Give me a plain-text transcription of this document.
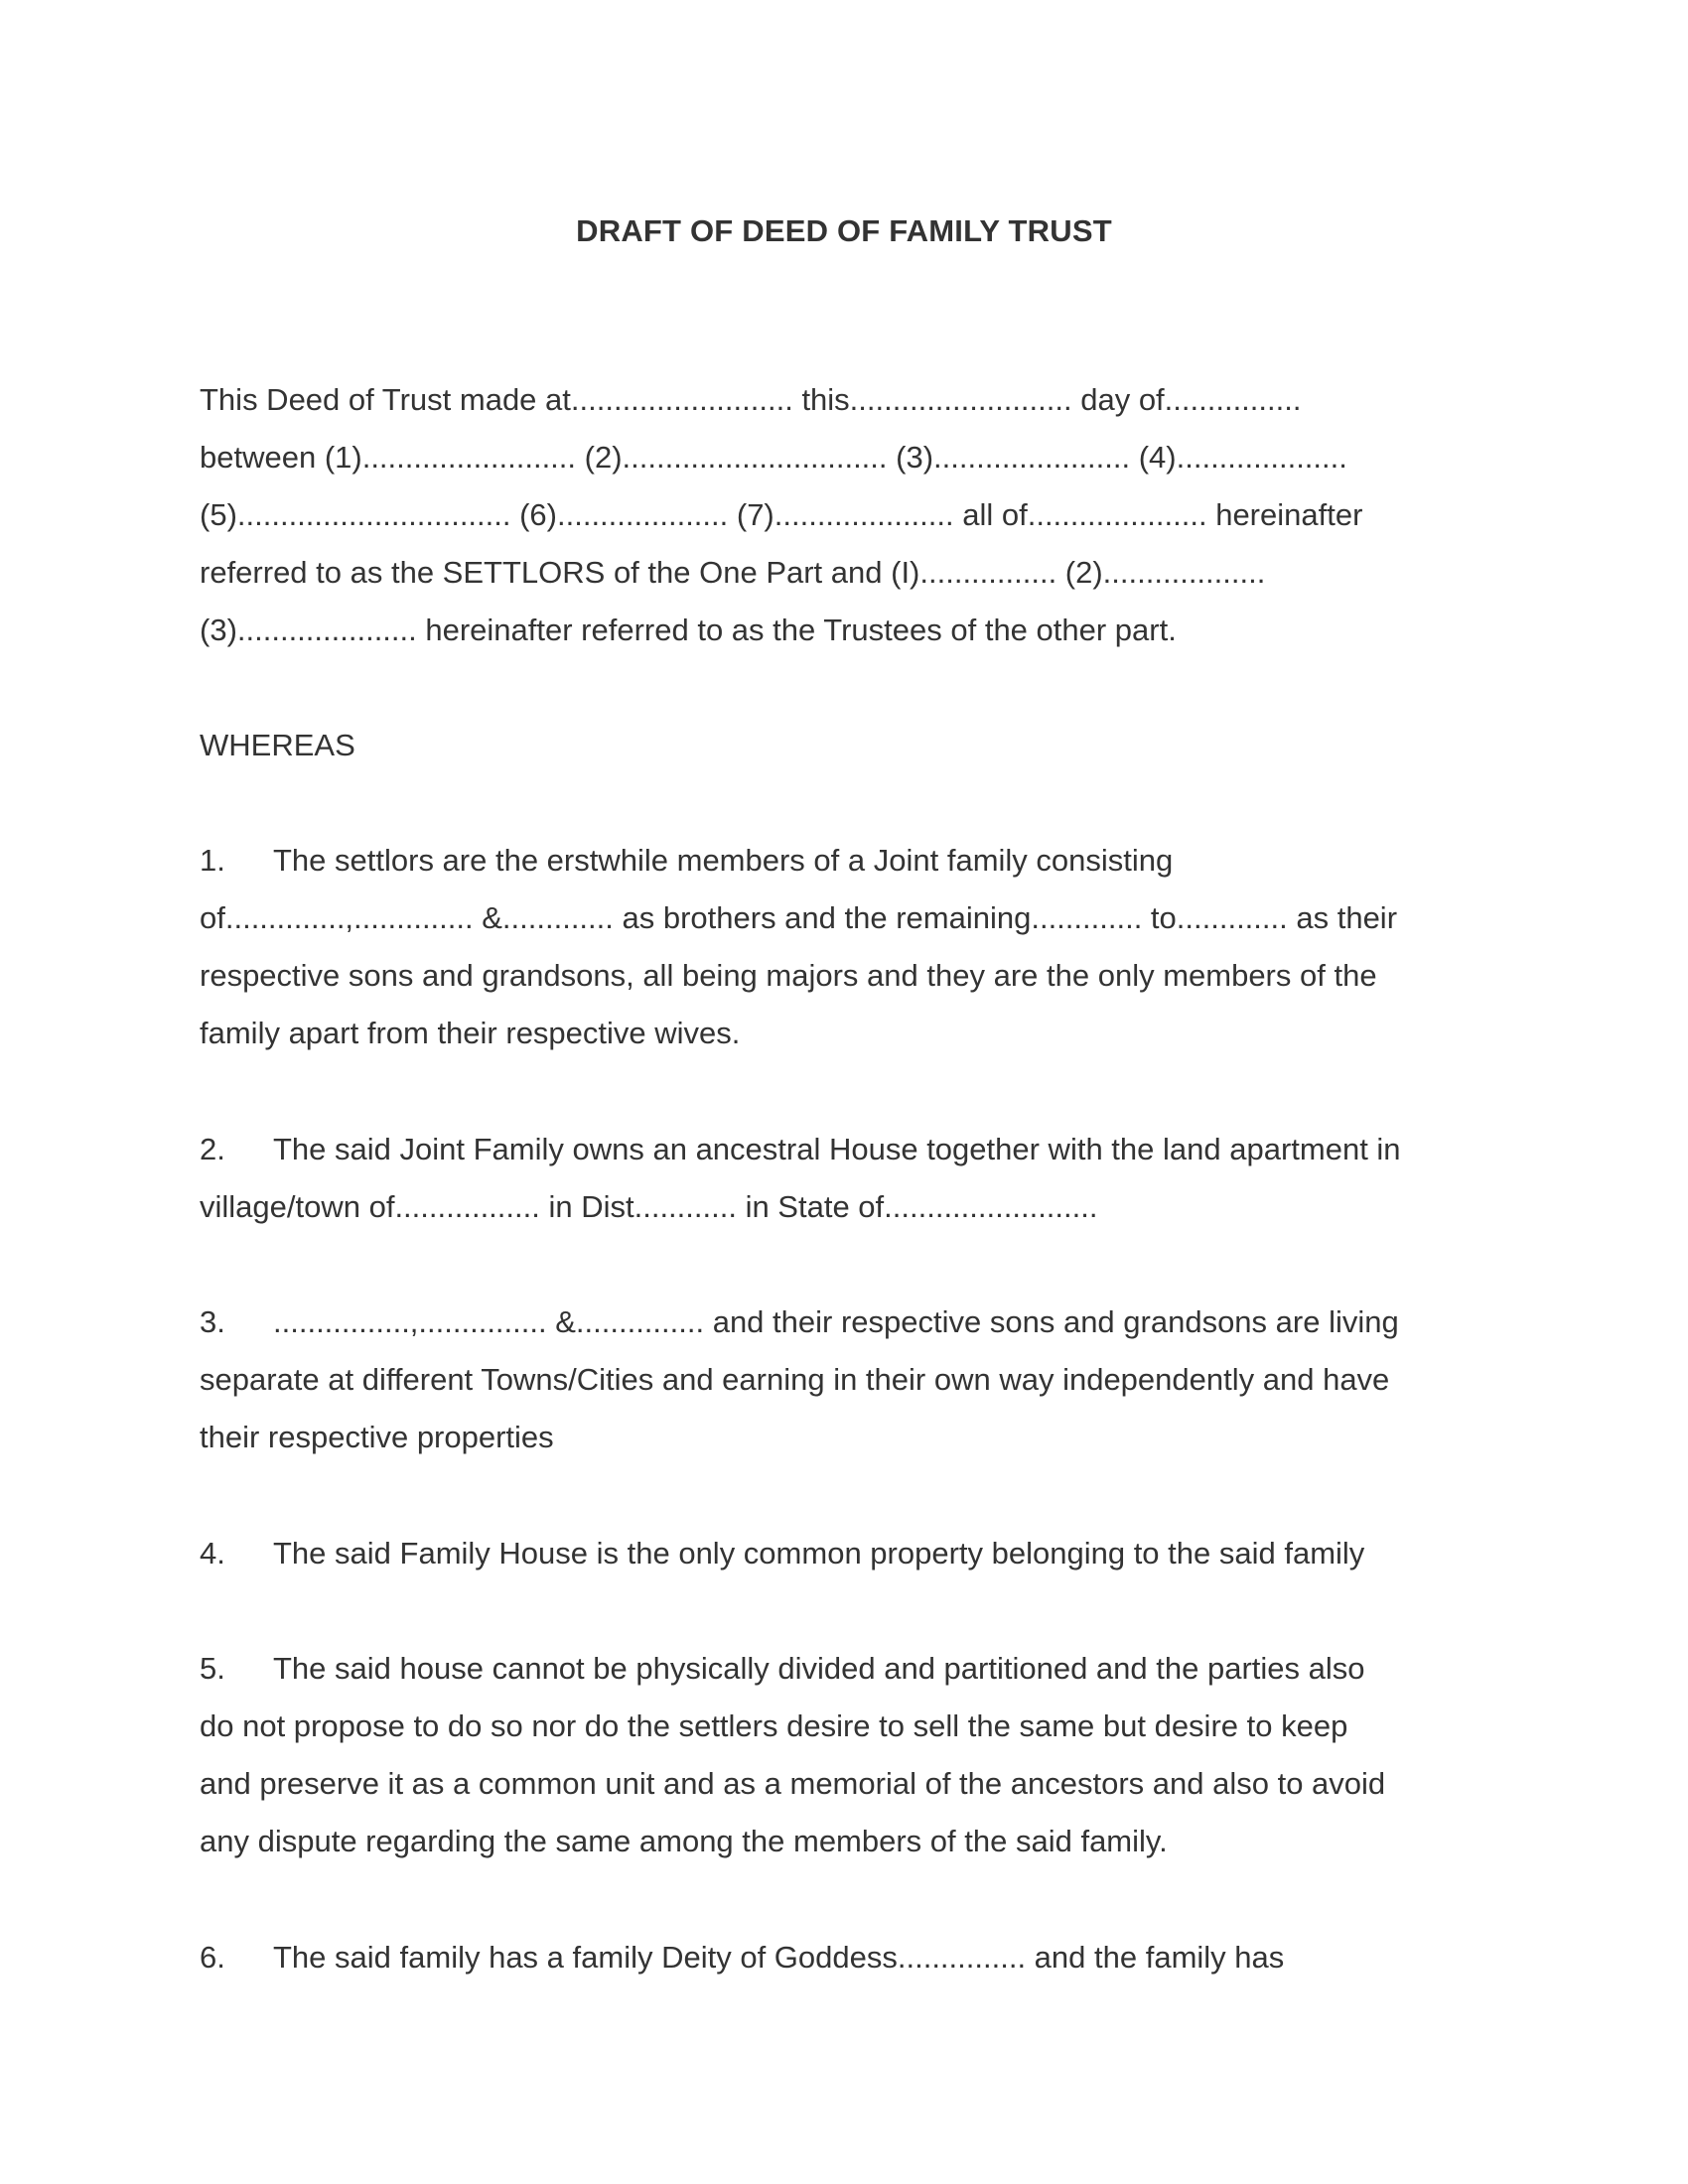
DRAFT OF DEED OF FAMILY TRUST
This Deed of Trust made at.......................... this.......................... day of................
between (1)......................... (2)............................... (3)....................... (4)....................
(5)................................ (6).................... (7)..................... all of..................... hereinafter
referred to as the SETTLORS of the One Part and (I)................ (2)...................
(3)..................... hereinafter referred to as the Trustees of the other part.
WHEREAS
1. The settlors are the erstwhile members of a Joint family consisting
of..............,.............. &............. as brothers and the remaining............. to............. as their
respective sons and grandsons, all being majors and they are the only members of the
family apart from their respective wives.
2. The said Joint Family owns an ancestral House together with the land apartment in
village/town of................. in Dist............ in State of.........................
3. ................,............... &............... and their respective sons and grandsons are living
separate at different Towns/Cities and earning in their own way independently and have
their respective properties
4. The said Family House is the only common property belonging to the said family
5. The said house cannot be physically divided and partitioned and the parties also
do not propose to do so nor do the settlers desire to sell the same but desire to keep
and preserve it as a common unit and as a memorial of the ancestors and also to avoid
any dispute regarding the same among the members of the said family.
6. The said family has a family Deity of Goddess............... and the family has
